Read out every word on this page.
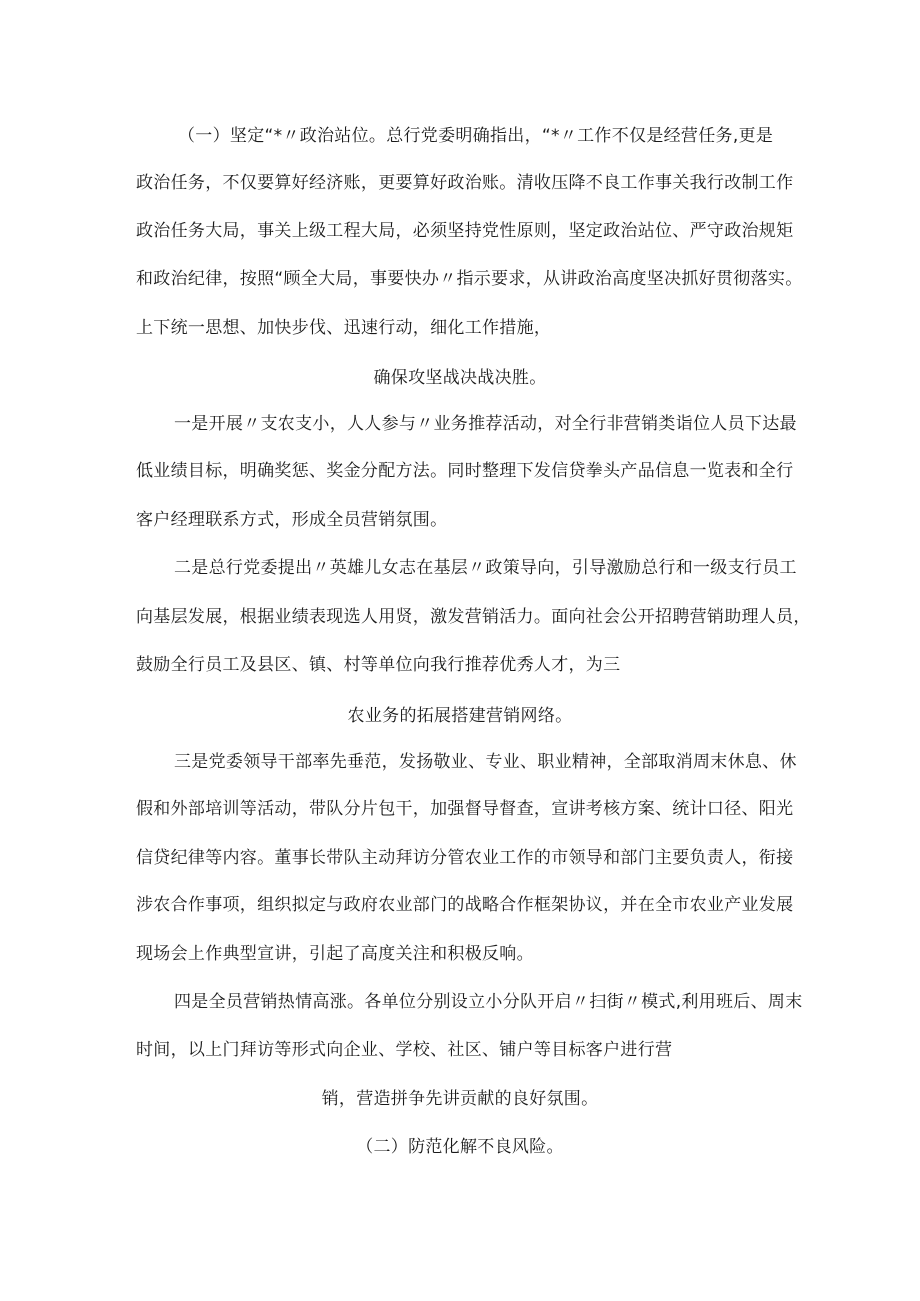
（一）坚定“*〃政治站位。总行党委明确指出，“*〃工作不仅是经营任务,更是
政治任务，不仅要算好经济账，更要算好政治账。清收压降不良工作事关我行改制工作
政治任务大局，事关上级工程大局，必须坚持党性原则，坚定政治站位、严守政治规矩
和政治纪律，按照“顾全大局，事要快办〃指示要求，从讲政治高度坚决抓好贯彻落实。
上下统一思想、加快步伐、迅速行动，细化工作措施，
确保攻坚战决战决胜。
一是开展〃支农支小，人人参与〃业务推荐活动，对全行非营销类诣位人员下达最
低业绩目标，明确奖惩、奖金分配方法。同时整理下发信贷拳头产品信息一览表和全行
客户经理联系方式，形成全员营销氛围。
二是总行党委提出〃英雄儿女志在基层〃政策导向，引导激励总行和一级支行员工
向基层发展，根据业绩表现选人用贤，激发营销活力。面向社会公开招聘营销助理人员，
鼓励全行员工及县区、镇、村等单位向我行推荐优秀人才，为三
农业务的拓展搭建营销网络。
三是党委领导干部率先垂范，发扬敬业、专业、职业精神，全部取消周末休息、休
假和外部培训等活动，带队分片包干，加强督导督查，宣讲考核方案、统计口径、阳光
信贷纪律等内容。董事长带队主动拜访分管农业工作的市领导和部门主要负责人，衔接
涉农合作事项，组织拟定与政府农业部门的战略合作框架协议，并在全市农业产业发展
现场会上作典型宣讲，引起了高度关注和积极反响。
四是全员营销热情高涨。各单位分别设立小分队开启〃扫街〃模式,利用班后、周末
时间，以上门拜访等形式向企业、学校、社区、铺户等目标客户进行营
销，营造拼争先讲贡献的良好氛围。
（二）防范化解不良风险。
